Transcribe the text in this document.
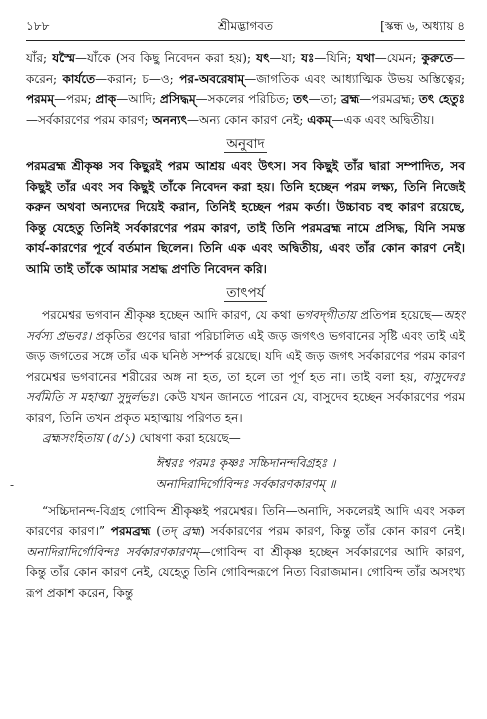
১৮৮	শ্রীমদ্ভাগবত	[স্কন্ধ ৬, অধ্যায় ৪

যাঁর; যস্মৈ—যাঁকে (সব কিছু নিবেদন করা হয়); যৎ—যা; যঃ—যিনি; যথা—যেমন; কুরুতে—করেন; কার্যতে—করান; চ—ও; পর-অবরেষাম্—জাগতিক এবং আধ্যাত্মিক উভয় অস্তিত্বের; পরমম্—পরম; প্রাক্—আদি; প্রসিদ্ধম্—সকলের পরিচিত; তৎ—তা; ব্রহ্ম—পরমব্রহ্ম; তৎ হেতুঃ—সর্বকারণের পরম কারণ; অনন্যৎ—অন্য কোন কারণ নেই; একম্—এক এবং অদ্বিতীয়।

অনুবাদ

পরমব্রহ্ম শ্রীকৃষ্ণ সব কিছুরই পরম আশ্রয় এবং উৎস। সব কিছুই তাঁর দ্বারা সম্পাদিত, সব কিছুই তাঁর এবং সব কিছুই তাঁকে নিবেদন করা হয়। তিনি হচ্ছেন পরম লক্ষ্য, তিনি নিজেই করুন অথবা অন্যদের দিয়েই করান, তিনিই হচ্ছেন পরম কর্তা। উচ্চাবচ বহু কারণ রয়েছে, কিন্তু যেহেতু তিনিই সর্বকারণের পরম কারণ, তাই তিনি পরমব্রহ্ম নামে প্রসিদ্ধ, যিনি সমস্ত কার্য-কারণের পূর্বে বর্তমান ছিলেন। তিনি এক এবং অদ্বিতীয়, এবং তাঁর কোন কারণ নেই। আমি তাই তাঁকে আমার সশ্রদ্ধ প্রণতি নিবেদন করি।

তাৎপর্য

পরমেশ্বর ভগবান শ্রীকৃষ্ণ হচ্ছেন আদি কারণ, যে কথা ভগবদ্‌গীতায় প্রতিপন্ন হয়েছে—অহং সর্বস্য প্রভবঃ। প্রকৃতির গুণের দ্বারা পরিচালিত এই জড় জগৎও ভগবানের সৃষ্টি এবং তাই এই জড় জগতের সঙ্গে তাঁর এক ঘনিষ্ঠ সম্পর্ক রয়েছে। যদি এই জড় জগৎ সর্বকারণের পরম কারণ পরমেশ্বর ভগবানের শরীরের অঙ্গ না হত, তা হলে তা পূর্ণ হত না। তাই বলা হয়, বাসুদেবঃ সর্বমিতি স মহাত্মা সুদুর্লভঃ। কেউ যখন জানতে পারেন যে, বাসুদেব হচ্ছেন সর্বকারণের পরম কারণ, তিনি তখন প্রকৃত মহাত্মায় পরিণত হন।

ব্রহ্মসংহিতায় (৫/১) ঘোষণা করা হয়েছে—

ঈশ্বরঃ পরমঃ কৃষ্ণঃ সচ্চিদানন্দবিগ্রহঃ ।
অনাদিরাদির্গোবিন্দঃ সর্বকারণকারণম্ ॥

“সচ্চিদানন্দ-বিগ্রহ গোবিন্দ শ্রীকৃষ্ণই পরমেশ্বর। তিনি—অনাদি, সকলেরই আদি এবং সকল কারণের কারণ।” পরমব্রহ্ম (তদ্ ব্রহ্ম) সর্বকারণের পরম কারণ, কিন্তু তাঁর কোন কারণ নেই। অনাদিরাদির্গোবিন্দঃ সর্বকারণকারণম্—গোবিন্দ বা শ্রীকৃষ্ণ হচ্ছেন সর্বকারণের আদি কারণ, কিন্তু তাঁর কোন কারণ নেই, যেহেতু তিনি গোবিন্দরূপে নিত্য বিরাজমান। গোবিন্দ তাঁর অসংখ্য রূপ প্রকাশ করেন, কিন্তু

-
